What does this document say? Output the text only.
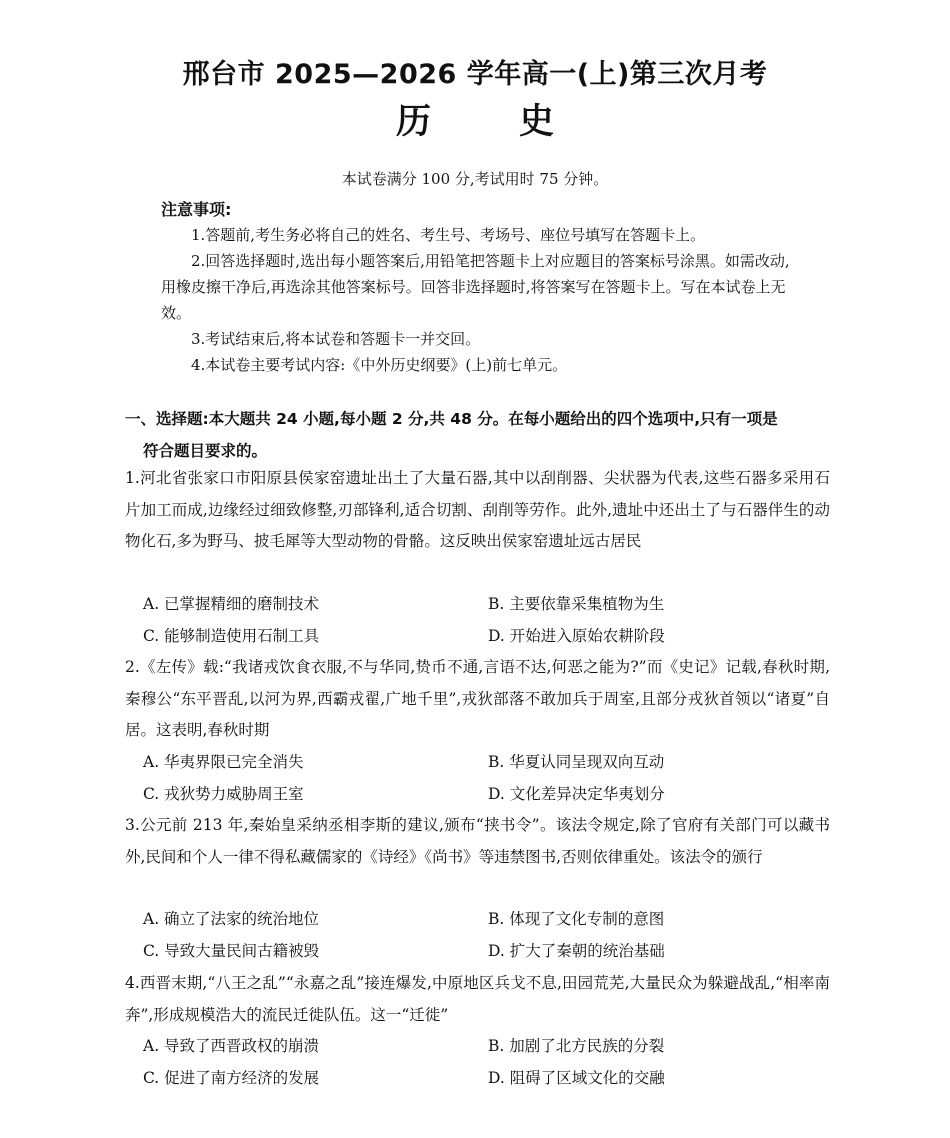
邢台市 2025—2026 学年高一(上)第三次月考
历史
本试卷满分 100 分,考试用时 75 分钟。
注意事项:
1.答题前,考生务必将自己的姓名、考生号、考场号、座位号填写在答题卡上。
2.回答选择题时,选出每小题答案后,用铅笔把答题卡上对应题目的答案标号涂黑。如需改动,用橡皮擦干净后,再选涂其他答案标号。回答非选择题时,将答案写在答题卡上。写在本试卷上无效。
3.考试结束后,将本试卷和答题卡一并交回。
4.本试卷主要考试内容:《中外历史纲要》(上)前七单元。
一、选择题:本大题共 24 小题,每小题 2 分,共 48 分。在每小题给出的四个选项中,只有一项是
符合题目要求的。
1.河北省张家口市阳原县侯家窑遗址出土了大量石器,其中以刮削器、尖状器为代表,这些石器多采用石片加工而成,边缘经过细致修整,刃部锋利,适合切割、刮削等劳作。此外,遗址中还出土了与石器伴生的动物化石,多为野马、披毛犀等大型动物的骨骼。这反映出侯家窑遗址远古居民
A. 已掌握精细的磨制技术	B. 主要依靠采集植物为生
C. 能够制造使用石制工具	D. 开始进入原始农耕阶段
2.《左传》载:“我诸戎饮食衣服,不与华同,贽币不通,言语不达,何恶之能为?”而《史记》记载,春秋时期,秦穆公“东平晋乱,以河为界,西霸戎翟,广地千里”,戎狄部落不敢加兵于周室,且部分戎狄首领以“诸夏”自居。这表明,春秋时期
A. 华夷界限已完全消失	B. 华夏认同呈现双向互动
C. 戎狄势力威胁周王室	D. 文化差异决定华夷划分
3.公元前 213 年,秦始皇采纳丞相李斯的建议,颁布“挟书令”。该法令规定,除了官府有关部门可以藏书外,民间和个人一律不得私藏儒家的《诗经》《尚书》等违禁图书,否则依律重处。该法令的颁行
A. 确立了法家的统治地位	B. 体现了文化专制的意图
C. 导致大量民间古籍被毁	D. 扩大了秦朝的统治基础
4.西晋末期,“八王之乱”“永嘉之乱”接连爆发,中原地区兵戈不息,田园荒芜,大量民众为躲避战乱,“相率南奔”,形成规模浩大的流民迁徙队伍。这一“迁徙”
A. 导致了西晋政权的崩溃	B. 加剧了北方民族的分裂
C. 促进了南方经济的发展	D. 阻碍了区域文化的交融
